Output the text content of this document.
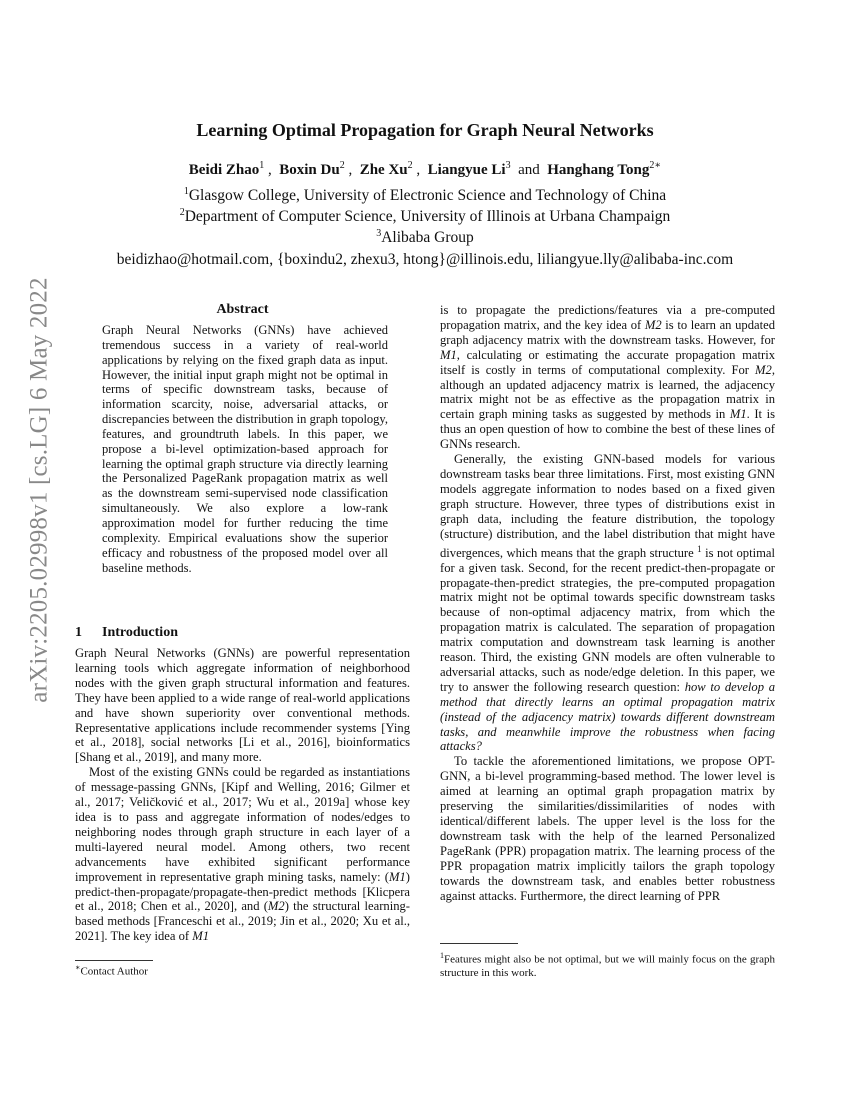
arXiv:2205.02998v1 [cs.LG] 6 May 2022
Learning Optimal Propagation for Graph Neural Networks
Beidi Zhao$^1$ ,  Boxin Du$^2$ ,  Zhe Xu$^2$ ,  Liangyue Li$^3$ and Hanghang Tong$^{2∗}$
$^1$Glasgow College, University of Electronic Science and Technology of China
$^2$Department of Computer Science, University of Illinois at Urbana Champaign
$^3$Alibaba Group
beidizhao@hotmail.com, {boxindu2, zhexu3, htong}@illinois.edu, liliangyue.lly@alibaba-inc.com
Abstract
Graph Neural Networks (GNNs) have achieved tremendous success in a variety of real-world applications by relying on the fixed graph data as input. However, the initial input graph might not be optimal in terms of specific downstream tasks, because of information scarcity, noise, adversarial attacks, or discrepancies between the distribution in graph topology, features, and groundtruth labels. In this paper, we propose a bi-level optimization-based approach for learning the optimal graph structure via directly learning the Personalized PageRank propagation matrix as well as the downstream semi-supervised node classification simultaneously. We also explore a low-rank approximation model for further reducing the time complexity. Empirical evaluations show the superior efficacy and robustness of the proposed model over all baseline methods.
1 Introduction

Graph Neural Networks (GNNs) are powerful representation learning tools which aggregate information of neighborhood nodes with the given graph structural information and features. They have been applied to a wide range of real-world applications and have shown superiority over conventional methods. Representative applications include recommender systems [Ying et al., 2018], social networks [Li et al., 2016], bioinformatics [Shang et al., 2019], and many more.

Most of the existing GNNs could be regarded as instantiations of message-passing GNNs, [Kipf and Welling, 2016; Gilmer et al., 2017; Veličković et al., 2017; Wu et al., 2019a] whose key idea is to pass and aggregate information of nodes/edges to neighboring nodes through graph structure in each layer of a multi-layered neural model. Among others, two recent advancements have exhibited significant performance improvement in representative graph mining tasks, namely: (M1) predict-then-propagate/propagate-then-predict methods [Klicpera et al., 2018; Chen et al., 2020], and (M2) the structural learning-based methods [Franceschi et al., 2019; Jin et al., 2020; Xu et al., 2021]. The key idea of M1

∗Contact Author

is to propagate the predictions/features via a pre-computed propagation matrix, and the key idea of M2 is to learn an updated graph adjacency matrix with the downstream tasks. However, for M1, calculating or estimating the accurate propagation matrix itself is costly in terms of computational complexity. For M2, although an updated adjacency matrix is learned, the adjacency matrix might not be as effective as the propagation matrix in certain graph mining tasks as suggested by methods in M1. It is thus an open question of how to combine the best of these lines of GNNs research.

Generally, the existing GNN-based models for various downstream tasks bear three limitations. First, most existing GNN models aggregate information to nodes based on a fixed given graph structure. However, three types of distributions exist in graph data, including the feature distribution, the topology (structure) distribution, and the label distribution that might have divergences, which means that the graph structure $^1$ is not optimal for a given task. Second, for the recent predict-then-propagate or propagate-then-predict strategies, the pre-computed propagation matrix might not be optimal towards specific downstream tasks because of non-optimal adjacency matrix, from which the propagation matrix is calculated. The separation of propagation matrix computation and downstream task learning is another reason. Third, the existing GNN models are often vulnerable to adversarial attacks, such as node/edge deletion. In this paper, we try to answer the following research question: how to develop a method that directly learns an optimal propagation matrix (instead of the adjacency matrix) towards different downstream tasks, and meanwhile improve the robustness when facing attacks?

To tackle the aforementioned limitations, we propose OPT-GNN, a bi-level programming-based method. The lower level is aimed at learning an optimal graph propagation matrix by preserving the similarities/dissimilarities of nodes with identical/different labels. The upper level is the loss for the downstream task with the help of the learned Personalized PageRank (PPR) propagation matrix. The learning process of the PPR propagation matrix implicitly tailors the graph topology towards the downstream task, and enables better robustness against attacks. Furthermore, the direct learning of PPR

$^1$Features might also be not optimal, but we will mainly focus on the graph structure in this work.
